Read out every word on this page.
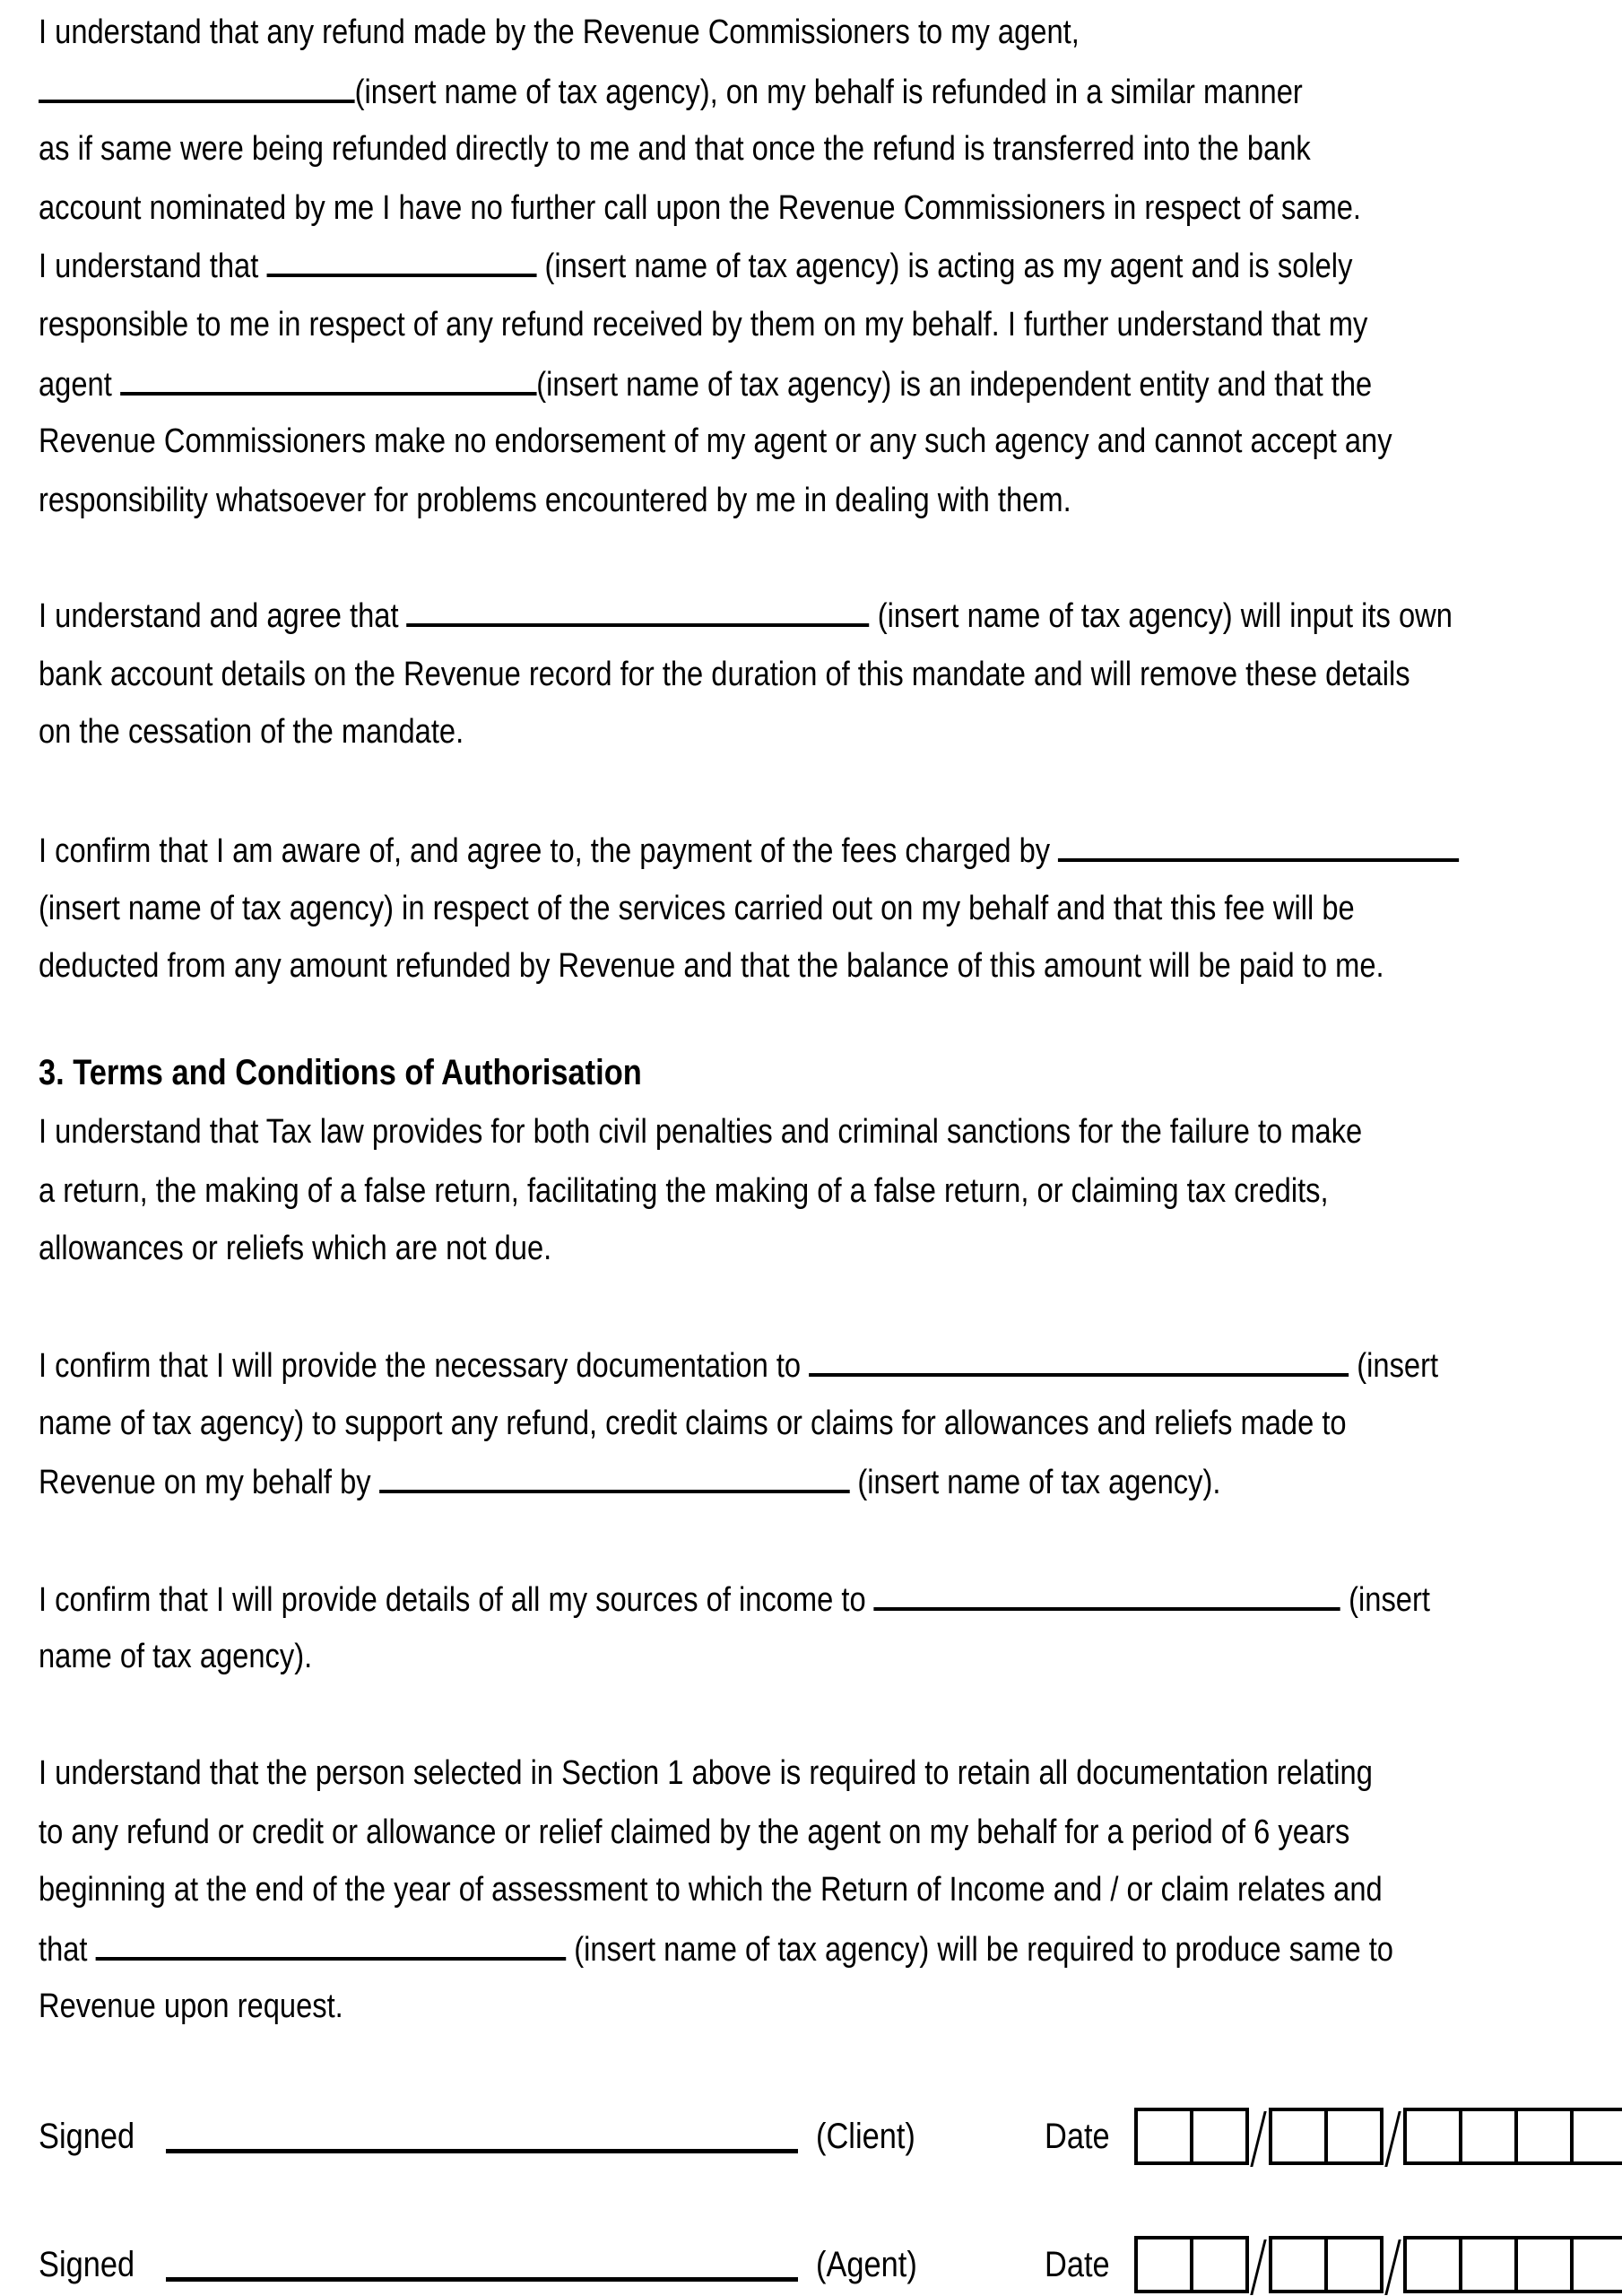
I understand that any refund made by the Revenue Commissioners to my agent,
(insert name of tax agency), on my behalf is refunded in a similar manner
as if same were being refunded directly to me and that once the refund is transferred into the bank
account nominated by me I have no further call upon the Revenue Commissioners in respect of same.
I understand that	(insert name of tax agency) is acting as my agent and is solely
responsible to me in respect of any refund received by them on my behalf. I further understand that my
agent	(insert name of tax agency) is an independent entity and that the
Revenue Commissioners make no endorsement of my agent or any such agency and cannot accept any
responsibility whatsoever for problems encountered by me in dealing with them.
I understand and agree that	(insert name of tax agency) will input its own
bank account details on the Revenue record for the duration of this mandate and will remove these details
on the cessation of the mandate.
I confirm that I am aware of, and agree to, the payment of the fees charged by
(insert name of tax agency) in respect of the services carried out on my behalf and that this fee will be
deducted from any amount refunded by Revenue and that the balance of this amount will be paid to me.
3. Terms and Conditions of Authorisation
I understand that Tax law provides for both civil penalties and criminal sanctions for the failure to make
a return, the making of a false return, facilitating the making of a false return, or claiming tax credits,
allowances or reliefs which are not due.
I confirm that I will provide the necessary documentation to	(insert
name of tax agency) to support any refund, credit claims or claims for allowances and reliefs made to
Revenue on my behalf by	(insert name of tax agency).
I confirm that I will provide details of all my sources of income to	(insert
name of tax agency).
I understand that the person selected in Section 1 above is required to retain all documentation relating
to any refund or credit or allowance or relief claimed by the agent on my behalf for a period of 6 years
beginning at the end of the year of assessment to which the Return of Income and / or claim relates and
that	(insert name of tax agency) will be required to produce same to
Revenue upon request.
Signed	(Client)	Date
Signed	(Agent)	Date
